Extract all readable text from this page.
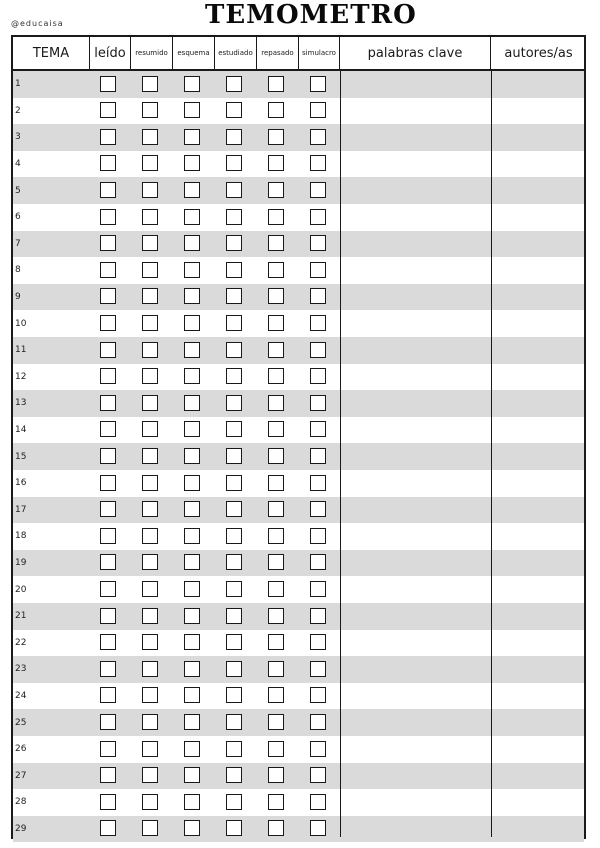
@educaisa	TEMOMETRO
TEMA	leído	resumido	esquema	estudiado	repasado	simulacro	palabras clave	autores/as
1
2
3
4
5
6
7
8
9
10
11
12
13
14
15
16
17
18
19
20
21
22
23
24
25
26
27
28
29
